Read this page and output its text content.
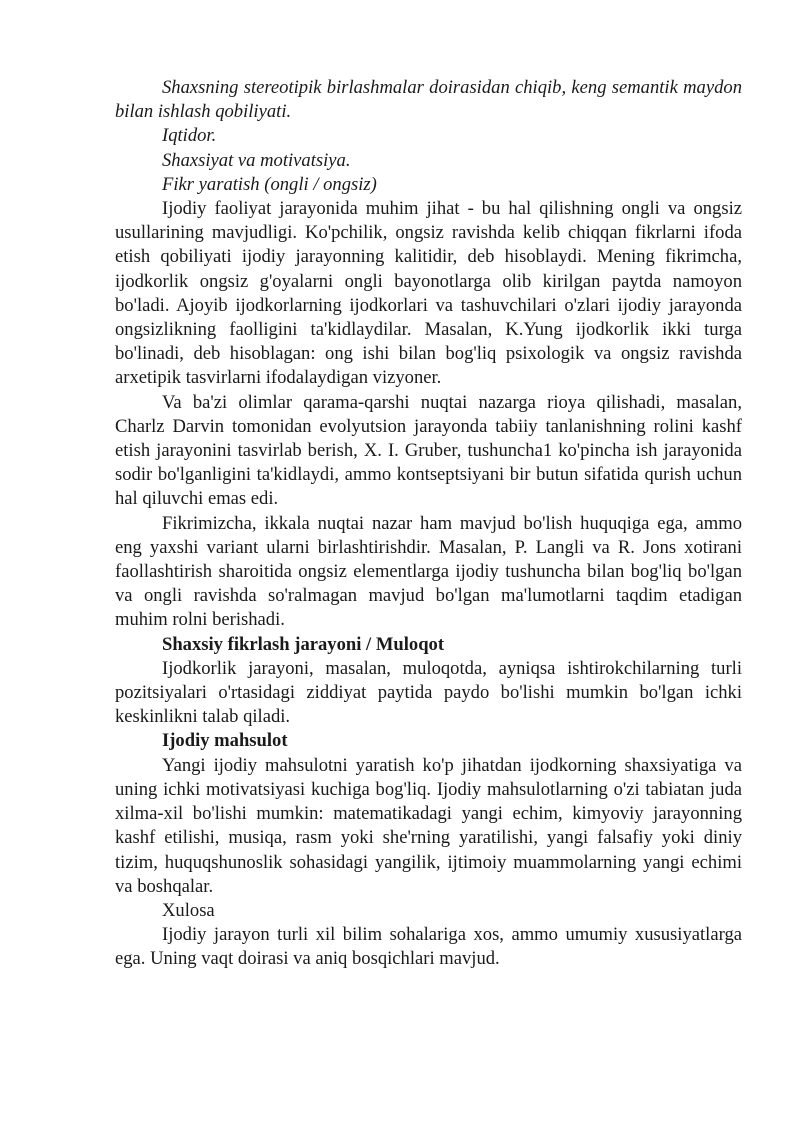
Shaxsning stereotipik birlashmalar doirasidan chiqib, keng semantik maydon bilan ishlash qobiliyati.

Iqtidor.

Shaxsiyat va motivatsiya.

Fikr yaratish (ongli / ongsiz)

Ijodiy faoliyat jarayonida muhim jihat - bu hal qilishning ongli va ongsiz usullarining mavjudligi. Ko'pchilik, ongsiz ravishda kelib chiqqan fikrlarni ifoda etish qobiliyati ijodiy jarayonning kalitidir, deb hisoblaydi. Mening fikrimcha, ijodkorlik ongsiz g'oyalarni ongli bayonotlarga olib kirilgan paytda namoyon bo'ladi. Ajoyib ijodkorlarning ijodkorlari va tashuvchilari o'zlari ijodiy jarayonda ongsizlikning faolligini ta'kidlaydilar. Masalan, K.Yung ijodkorlik ikki turga bo'linadi, deb hisoblagan: ong ishi bilan bog'liq psixologik va ongsiz ravishda arxetipik tasvirlarni ifodalaydigan vizyoner.

Va ba'zi olimlar qarama-qarshi nuqtai nazarga rioya qilishadi, masalan, Charlz Darvin tomonidan evolyutsion jarayonda tabiiy tanlanishning rolini kashf etish jarayonini tasvirlab berish, X. I. Gruber, tushuncha1 ko'pincha ish jarayonida sodir bo'lganligini ta'kidlaydi, ammo kontseptsiyani bir butun sifatida qurish uchun hal qiluvchi emas edi.

Fikrimizcha, ikkala nuqtai nazar ham mavjud bo'lish huquqiga ega, ammo eng yaxshi variant ularni birlashtirishdir. Masalan, P. Langli va R. Jons xotirani faollashtirish sharoitida ongsiz elementlarga ijodiy tushuncha bilan bog'liq bo'lgan va ongli ravishda so'ralmagan mavjud bo'lgan ma'lumotlarni taqdim etadigan muhim rolni berishadi.

Shaxsiy fikrlash jarayoni / Muloqot

Ijodkorlik jarayoni, masalan, muloqotda, ayniqsa ishtirokchilarning turli pozitsiyalari o'rtasidagi ziddiyat paytida paydo bo'lishi mumkin bo'lgan ichki keskinlikni talab qiladi.

Ijodiy mahsulot

Yangi ijodiy mahsulotni yaratish ko'p jihatdan ijodkorning shaxsiyatiga va uning ichki motivatsiyasi kuchiga bog'liq. Ijodiy mahsulotlarning o'zi tabiatan juda xilma-xil bo'lishi mumkin: matematikadagi yangi echim, kimyoviy jarayonning kashf etilishi, musiqa, rasm yoki she'rning yaratilishi, yangi falsafiy yoki diniy tizim, huquqshunoslik sohasidagi yangilik, ijtimoiy muammolarning yangi echimi va boshqalar.

Xulosa

Ijodiy jarayon turli xil bilim sohalariga xos, ammo umumiy xususiyatlarga ega. Uning vaqt doirasi va aniq bosqichlari mavjud.
